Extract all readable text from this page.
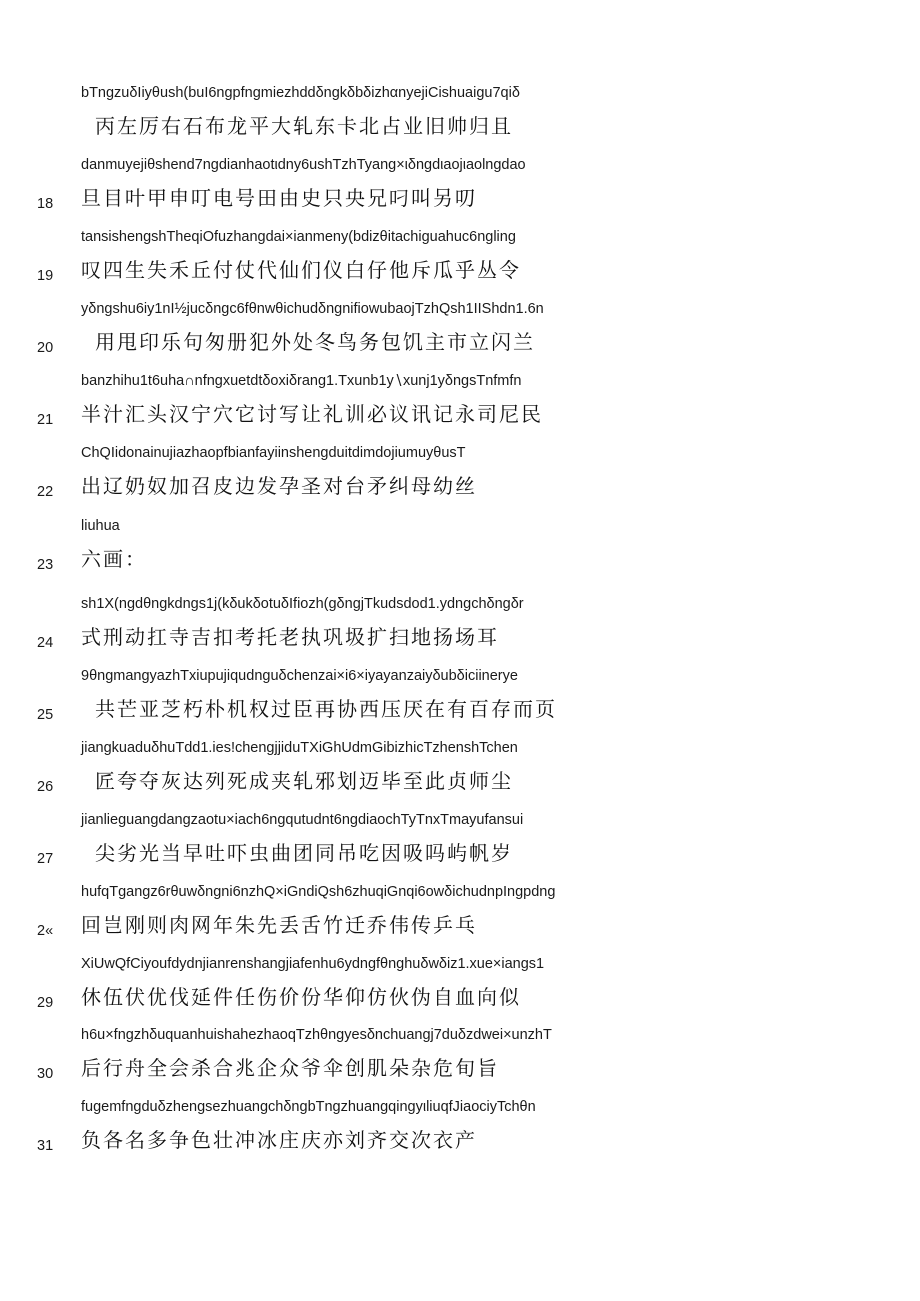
bTngzuδIiyθush(buI6ngpfngmiezhddδngkδbδizhαnyejiCishuaigu7qiδ
丙左厉右石布龙平大轧东卡北占业旧帅归且
18
danmuyejiθshend7ngdianhaotιdny6ushTzhTyang×ιδngdιaojιaolngdao
旦目叶甲申叮电号田由史只央兄叼叫另叨
19
tansishengshTheqiOfuzhangdai×ianmeny(bdizθitachiguahuc6ngling
叹四生失禾丘付仗代仙们仪白仔他斥瓜乎丛令
20
yδngshu6iy1nI½jucδngc6fθnwθichudδngnifiowubaojTzhQsh1IIShdn1.6n
用甩印乐句匆册犯外处冬鸟务包饥主市立闪兰
21
banzhihu1t6uha∩nfngxuetdtδoxiδrang1.Txunb1y∖xunj1yδngsTnfmfn
半汁汇头汉宁穴它讨写让礼训必议讯记永司尼民
22
ChQIidonainujiazhaopfbianfayiinshengduitdimdojiumuyθusT
出辽奶奴加召皮边发孕圣对台矛纠母幼丝
23
liuhua
六画：
24
sh1X(ngdθngkdngs1j(kδukδotuδIfiozh(gδngjTkudsdod1.ydngchδngδr
式刑动扛寺吉扣考托老执巩圾扩扫地扬场耳
25
9θngmangyazhTxiupujiqudnguδchenzai×i6×iyayanzaiyδubδiciinerye
共芒亚芝朽朴机权过臣再协西压厌在有百存而页
26
jiangkuaduδhuTdd1.ies!chengjjiduTXiGhUdmGibizhicTzhenshTchen
匠夸夺灰达列死成夹轧邪划迈毕至此贞师尘
27
jianlieguangdangzaotu×iach6ngqutudnt6ngdiaochTyTnxTmayufansui
尖劣光当早吐吓虫曲团同吊吃因吸吗屿帆岁
2«
hufqTgangz6rθuwδngni6nzhQ×iGndiQsh6zhuqiGnqi6owδichudnpIngpdng
回岂刚则肉网年朱先丢舌竹迁乔伟传乒乓
29
XiUwQfCiyoufdydnjianrenshangjiafenhu6ydngfθnghuδwδiz1.xue×iangs1
休伍伏优伐延件任伤价份华仰仿伙伪自血向似
30
h6u×fngzhδuquanhuishahezhaoqTzhθngyesδnchuangj7duδzdwei×unzhT
后行舟全会杀合兆企众爷伞创肌朵杂危旬旨
31
fugemfngduδzhengsezhuangchδngbTngzhuangqingyιliuqfJiaociyTchθn
负各名多争色壮冲冰庄庆亦刘齐交次衣产
